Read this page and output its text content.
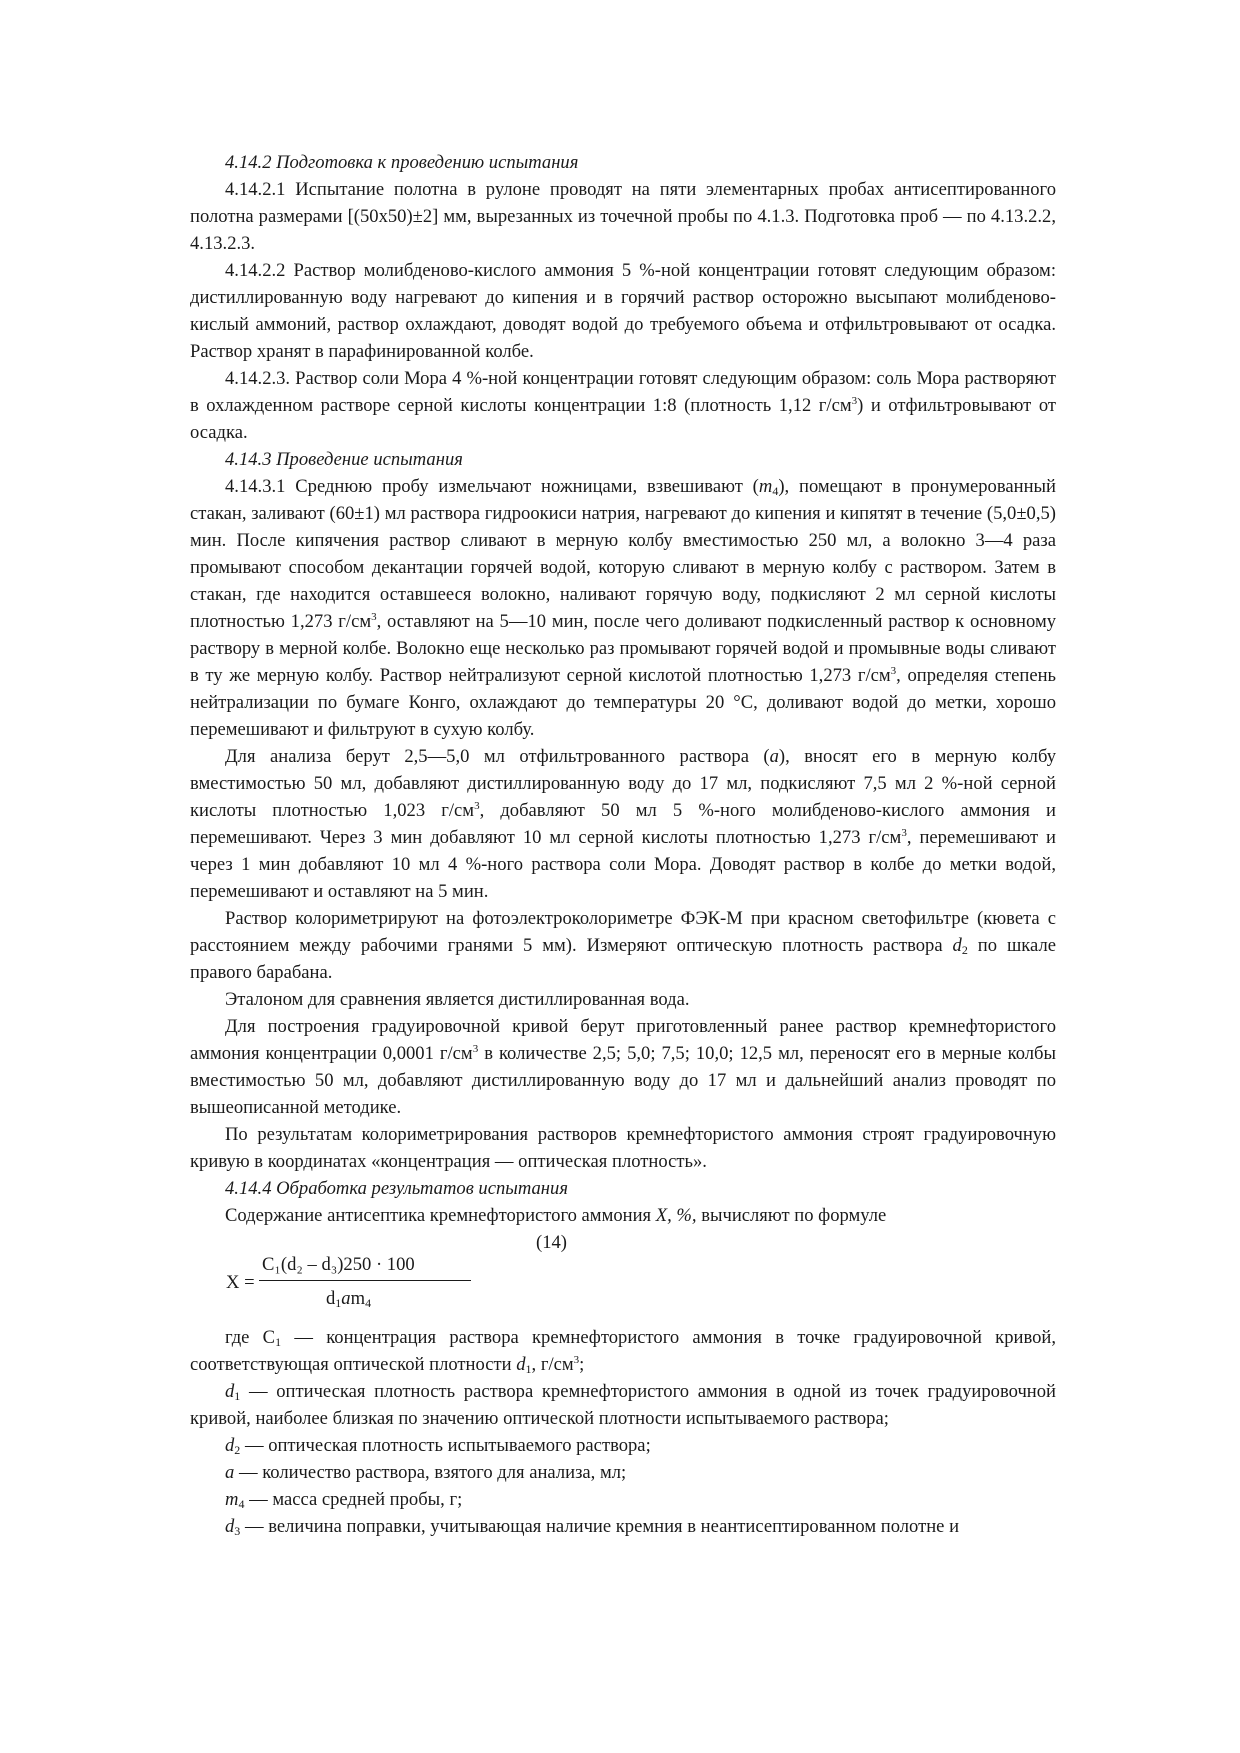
4.14.2 Подготовка к проведению испытания

4.14.2.1 Испытание полотна в рулоне проводят на пяти элементарных пробах антисептированного полотна размерами [(50x50)±2] мм, вырезанных из точечной пробы по 4.1.3. Подготовка проб — по 4.13.2.2, 4.13.2.3.

4.14.2.2 Раствор молибденово-кислого аммония 5 %-ной концентрации готовят следующим образом: дистиллированную воду нагревают до кипения и в горячий раствор осторожно высыпают молибденово-кислый аммоний, раствор охлаждают, доводят водой до требуемого объема и отфильтровывают от осадка. Раствор хранят в парафинированной колбе.

4.14.2.3. Раствор соли Мора 4 %-ной концентрации готовят следующим образом: соль Мора растворяют в охлажденном растворе серной кислоты концентрации 1:8 (плотность 1,12 $г/см^3$) и отфильтровывают от осадка.

4.14.3 Проведение испытания

4.14.3.1 Среднюю пробу измельчают ножницами, взвешивают $(m_4)$, помещают в пронумерованный стакан, заливают (60±1) мл раствора гидроокиси натрия, нагревают до кипения и кипятят в течение (5,0±0,5) мин. После кипячения раствор сливают в мерную колбу вместимостью 250 мл, а волокно 3—4 раза промывают способом декантации горячей водой, которую сливают в мерную колбу с раствором. Затем в стакан, где находится оставшееся волокно, наливают горячую воду, подкисляют 2 мл серной кислоты плотностью 1,273 $г/см^3$, оставляют на 5—10 мин, после чего доливают подкисленный раствор к основному раствору в мерной колбе. Волокно еще несколько раз промывают горячей водой и промывные воды сливают в ту же мерную колбу. Раствор нейтрализуют серной кислотой плотностью 1,273 $г/см^3$, определяя степень нейтрализации по бумаге Конго, охлаждают до температуры 20 °С, доливают водой до метки, хорошо перемешивают и фильтруют в сухую колбу.

Для анализа берут 2,5—5,0 мл отфильтрованного раствора (а), вносят его в мерную колбу вместимостью 50 мл, добавляют дистиллированную воду до 17 мл, подкисляют 7,5 мл 2 %-ной серной кислоты плотностью 1,023 $г/см^3$, добавляют 50 мл 5 %-ного молибденово-кислого аммония и перемешивают. Через 3 мин добавляют 10 мл серной кислоты плотностью 1,273 $г/см^3$, перемешивают и через 1 мин добавляют 10 мл 4 %-ного раствора соли Мора. Доводят раствор в колбе до метки водой, перемешивают и оставляют на 5 мин.

Раствор колориметрируют на фотоэлектроколориметре ФЭК-М при красном светофильтре (кювета с расстоянием между рабочими гранями 5 мм). Измеряют оптическую плотность раствора $d_2$ по шкале правого барабана.

Эталоном для сравнения является дистиллированная вода.

Для построения градуировочной кривой берут приготовленный ранее раствор кремнефтористого аммония концентрации 0,0001 $г/см^3$ в количестве 2,5; 5,0; 7,5; 10,0; 12,5 мл, переносят его в мерные колбы вместимостью 50 мл, добавляют дистиллированную воду до 17 мл и дальнейший анализ проводят по вышеописанной методике.

По результатам колориметрирования растворов кремнефтористого аммония строят градуировочную кривую в координатах «концентрация — оптическая плотность».

4.14.4 Обработка результатов испытания

Содержание антисептика кремнефтористого аммония X, %, вычисляют по формуле

(14)
X =
C₁(d₂ – d₃)250 · 100
$d_1am_4$

где $C_1$ — концентрация раствора кремнефтористого аммония в точке градуировочной кривой, соответствующая оптической плотности $d_1$, $г/см^3$;

$d_1$ — оптическая плотность раствора кремнефтористого аммония в одной из точек градуировочной кривой, наиболее близкая по значению оптической плотности испытываемого раствора;

$d_2$ — оптическая плотность испытываемого раствора;

а — количество раствора, взятого для анализа, мл;

$m_4$ — масса средней пробы, г;

$d_3$ — величина поправки, учитывающая наличие кремния в неантисептированном полотне и
